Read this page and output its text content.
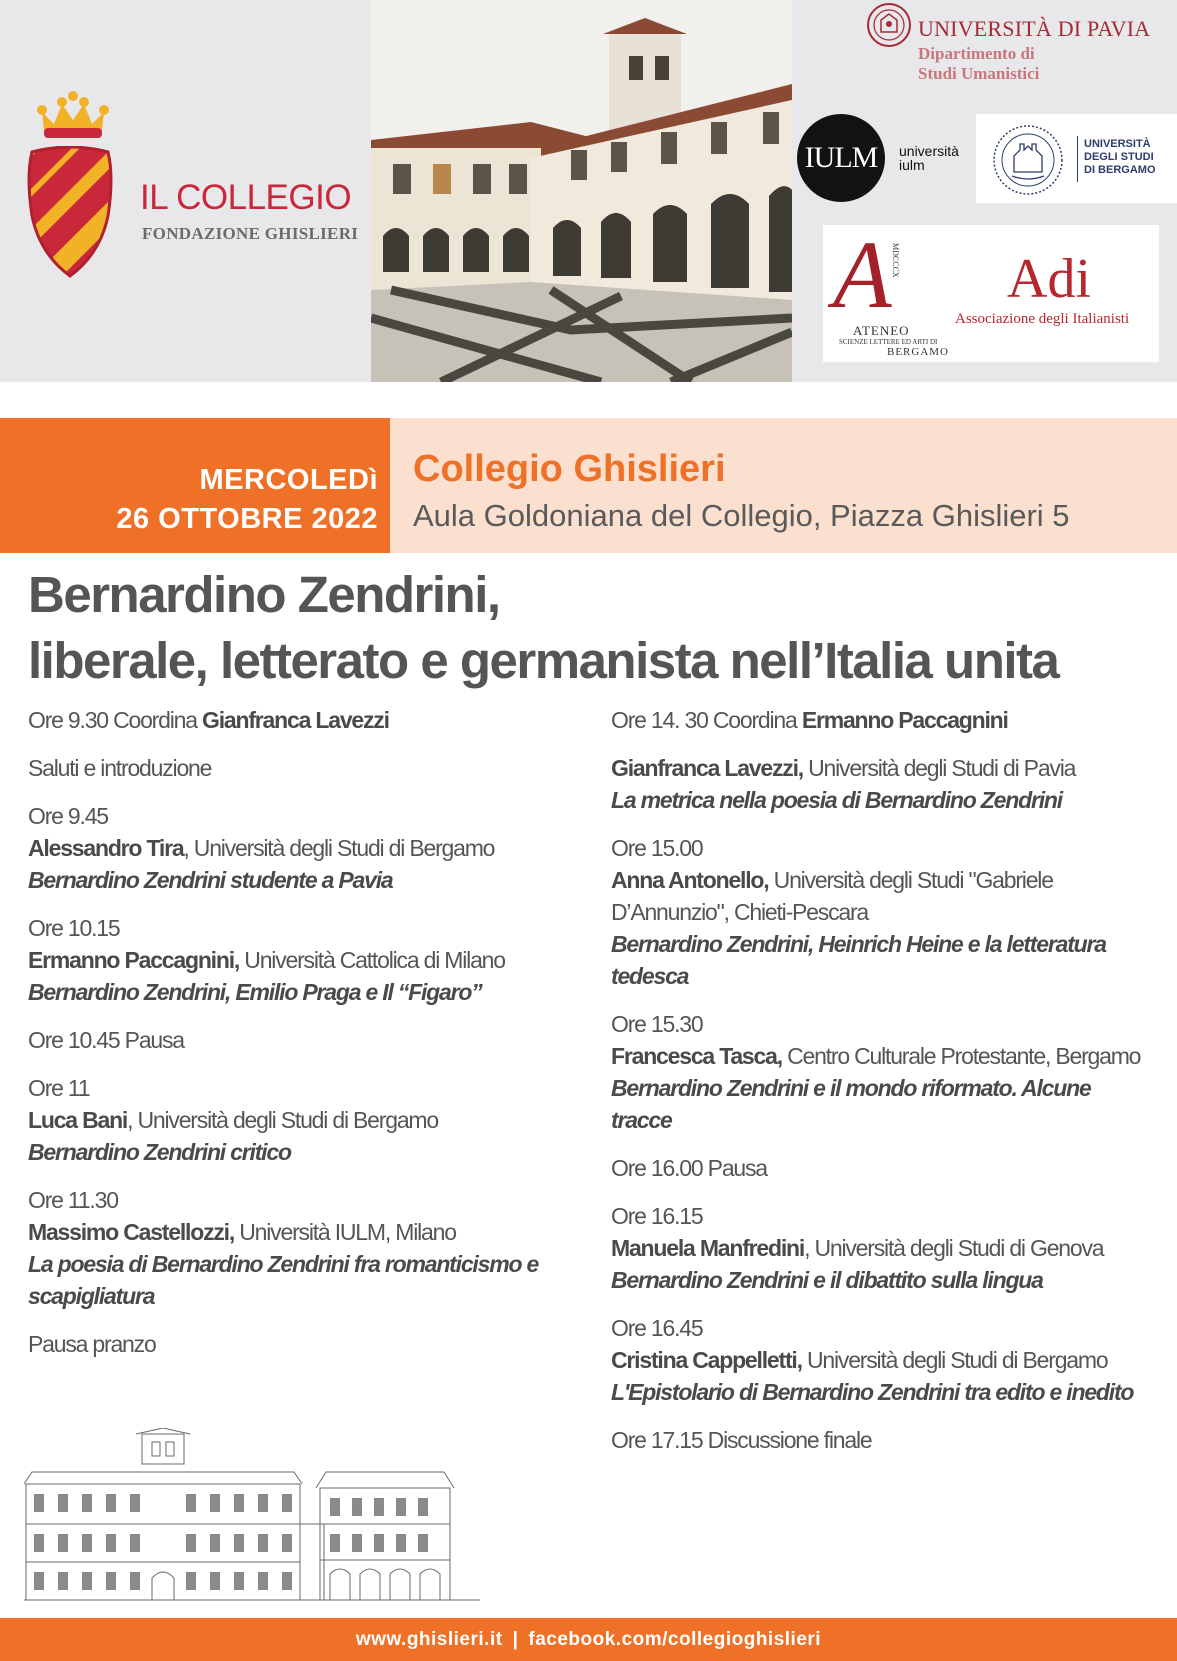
IL COLLEGIO
FONDAZIONE GHISLIERI
UNIVERSITÀ DI PAVIA
Dipartimento di
Studi Umanistici
IULM	università
iulm
UNIVERSITÀ
DEGLI STUDI
DI BERGAMO
A MDCCCX
ATENEO
SCIENZE LETTERE ED ARTI DI
BERGAMO
Adi
Associazione degli Italianisti
MERCOLEDì
26 OTTOBRE 2022
Collegio Ghislieri
Aula Goldoniana del Collegio, Piazza Ghislieri 5
Bernardino Zendrini,
liberale, letterato e germanista nell’Italia unita
Ore 9.30 Coordina Gianfranca Lavezzi
Saluti e introduzione
Ore 9.45
Alessandro Tira, Università degli Studi di Bergamo
Bernardino Zendrini studente a Pavia
Ore 10.15
Ermanno Paccagnini, Università Cattolica di Milano
Bernardino Zendrini, Emilio Praga e Il “Figaro”
Ore 10.45 Pausa
Ore 11
Luca Bani, Università degli Studi di Bergamo
Bernardino Zendrini critico
Ore 11.30
Massimo Castellozzi, Università IULM, Milano
La poesia di Bernardino Zendrini fra romanticismo e scapigliatura
Pausa pranzo
Ore 14. 30 Coordina Ermanno Paccagnini
Gianfranca Lavezzi, Università degli Studi di Pavia
La metrica nella poesia di Bernardino Zendrini
Ore 15.00
Anna Antonello, Università degli Studi "Gabriele D’Annunzio", Chieti-Pescara
Bernardino Zendrini, Heinrich Heine e la letteratura tedesca
Ore 15.30
Francesca Tasca, Centro Culturale Protestante, Bergamo
Bernardino Zendrini e il mondo riformato. Alcune tracce
Ore 16.00 Pausa
Ore 16.15
Manuela Manfredini, Università degli Studi di Genova
Bernardino Zendrini e il dibattito sulla lingua
Ore 16.45
Cristina Cappelletti, Università degli Studi di Bergamo
L'Epistolario di Bernardino Zendrini tra edito e inedito
Ore 17.15 Discussione finale
www.ghislieri.it | facebook.com/collegioghislieri
